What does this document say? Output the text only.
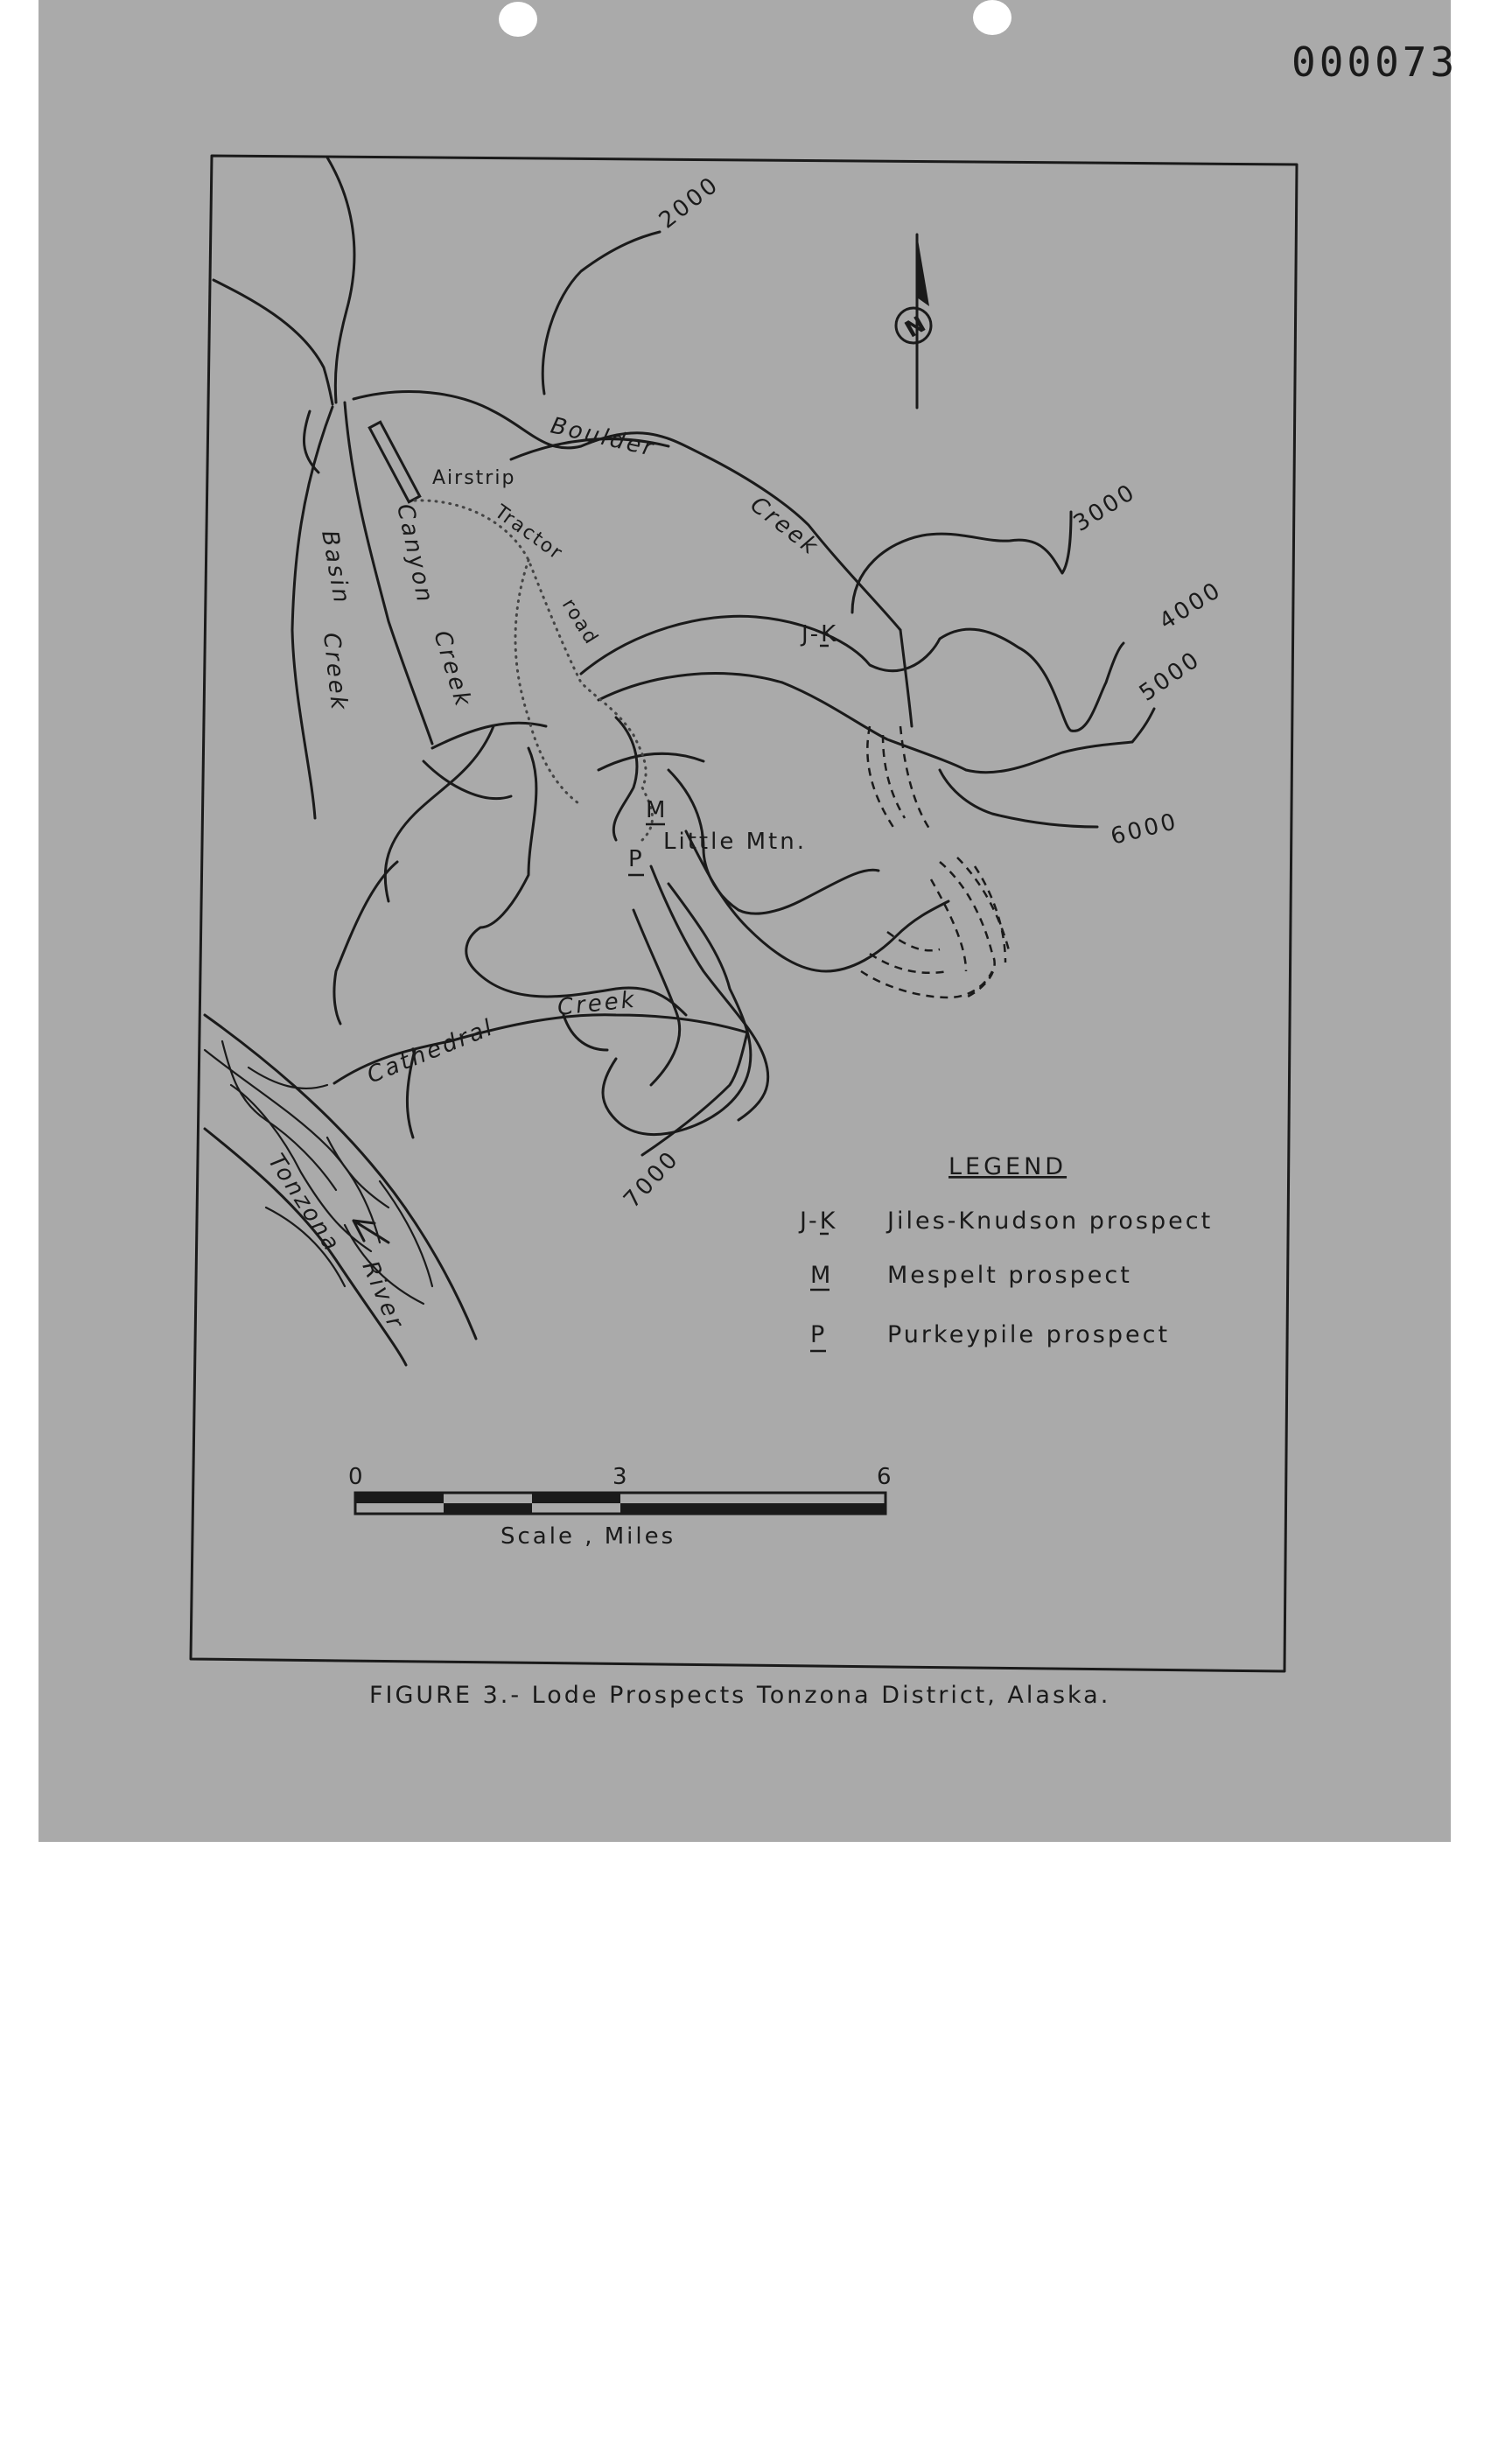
N
2000
3000
4000
5000
6000
7000
Boulder
Creek
Canyon
Creek
Basin
Creek
Cathedral
Creek
Tonzona
River
Airstrip
Tractor
road
Little Mtn.
J-K
M
P
LEGEND
J-K Jiles-Knudson prospect
M Mespelt prospect
P	Purkeypile prospect
0	3	6
Scale , Miles
000073
FIGURE 3.- Lode Prospects Tonzona District, Alaska.
